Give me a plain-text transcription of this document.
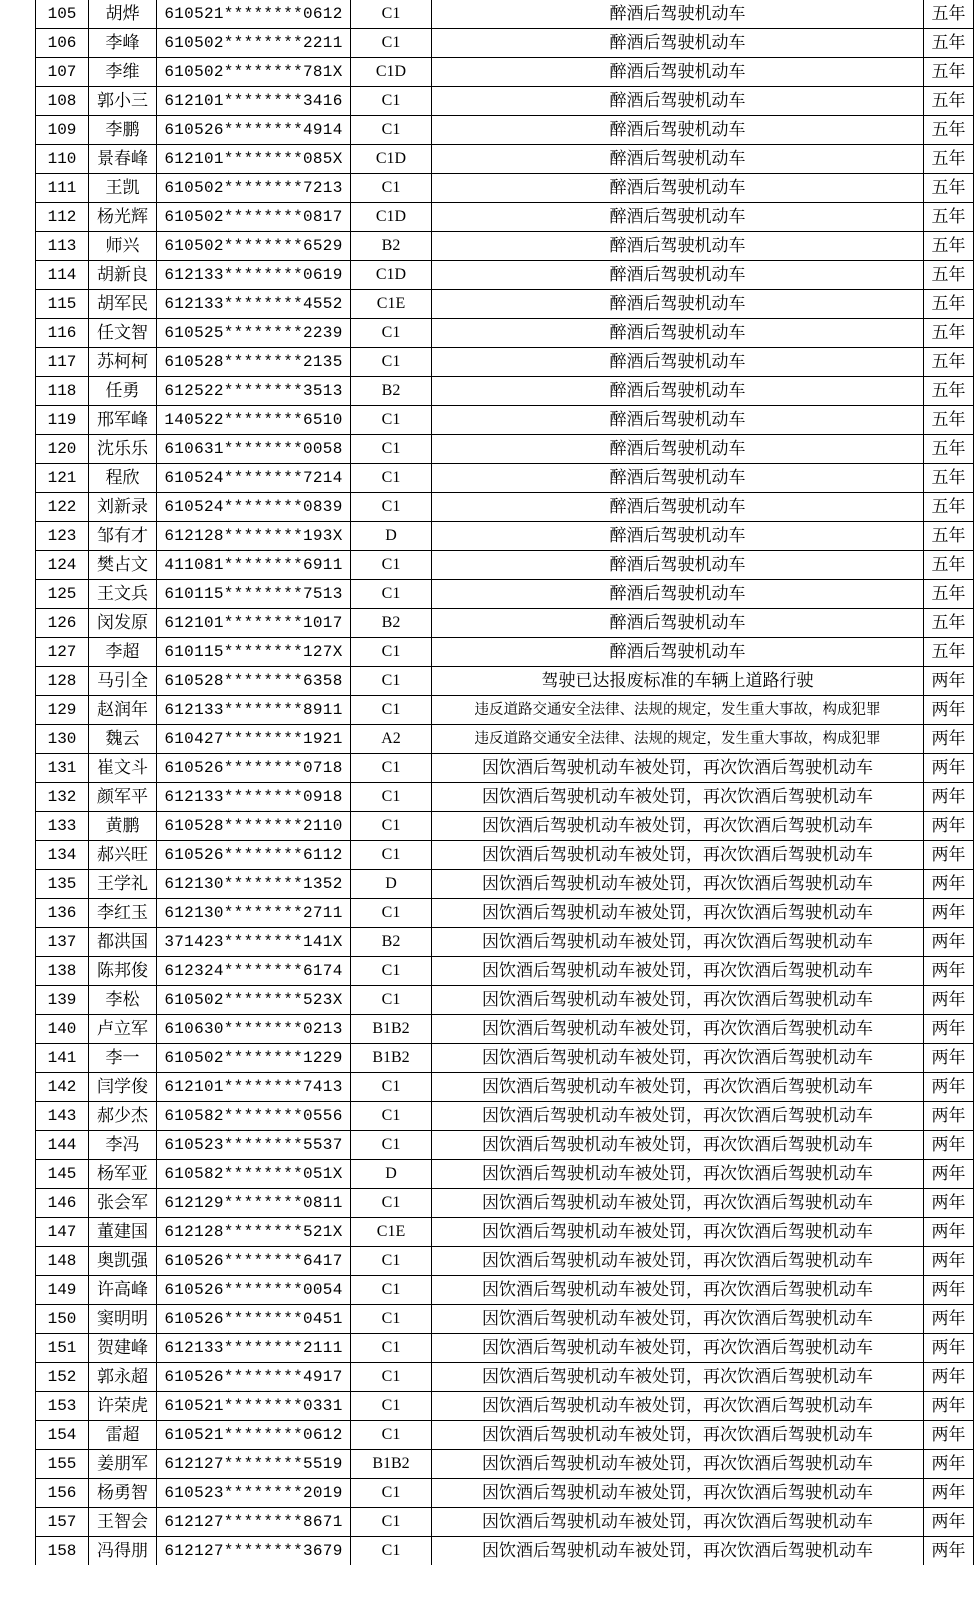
105	胡烨	610521********0612	C1	醉酒后驾驶机动车	五年
106	李峰	610502********2211	C1	醉酒后驾驶机动车	五年
107	李维	610502********781X	C1D	醉酒后驾驶机动车	五年
108	郭小三	612101********3416	C1	醉酒后驾驶机动车	五年
109	李鹏	610526********4914	C1	醉酒后驾驶机动车	五年
110	景春峰	612101********085X	C1D	醉酒后驾驶机动车	五年
111	王凯	610502********7213	C1	醉酒后驾驶机动车	五年
112	杨光辉	610502********0817	C1D	醉酒后驾驶机动车	五年
113	师兴	610502********6529	B2	醉酒后驾驶机动车	五年
114	胡新良	612133********0619	C1D	醉酒后驾驶机动车	五年
115	胡军民	612133********4552	C1E	醉酒后驾驶机动车	五年
116	任文智	610525********2239	C1	醉酒后驾驶机动车	五年
117	苏柯柯	610528********2135	C1	醉酒后驾驶机动车	五年
118	任勇	612522********3513	B2	醉酒后驾驶机动车	五年
119	邢军峰	140522********6510	C1	醉酒后驾驶机动车	五年
120	沈乐乐	610631********0058	C1	醉酒后驾驶机动车	五年
121	程欣	610524********7214	C1	醉酒后驾驶机动车	五年
122	刘新录	610524********0839	C1	醉酒后驾驶机动车	五年
123	邹有才	612128********193X	D	醉酒后驾驶机动车	五年
124	樊占文	411081********6911	C1	醉酒后驾驶机动车	五年
125	王文兵	610115********7513	C1	醉酒后驾驶机动车	五年
126	闵发原	612101********1017	B2	醉酒后驾驶机动车	五年
127	李超	610115********127X	C1	醉酒后驾驶机动车	五年
128	马引全	610528********6358	C1	驾驶已达报废标准的车辆上道路行驶	两年
129	赵润年	612133********8911	C1	违反道路交通安全法律、法规的规定，发生重大事故，构成犯罪	两年
130	魏云	610427********1921	A2	违反道路交通安全法律、法规的规定，发生重大事故，构成犯罪	两年
131	崔文斗	610526********0718	C1	因饮酒后驾驶机动车被处罚，再次饮酒后驾驶机动车	两年
132	颜军平	612133********0918	C1	因饮酒后驾驶机动车被处罚，再次饮酒后驾驶机动车	两年
133	黄鹏	610528********2110	C1	因饮酒后驾驶机动车被处罚，再次饮酒后驾驶机动车	两年
134	郝兴旺	610526********6112	C1	因饮酒后驾驶机动车被处罚，再次饮酒后驾驶机动车	两年
135	王学礼	612130********1352	D	因饮酒后驾驶机动车被处罚，再次饮酒后驾驶机动车	两年
136	李红玉	612130********2711	C1	因饮酒后驾驶机动车被处罚，再次饮酒后驾驶机动车	两年
137	都洪国	371423********141X	B2	因饮酒后驾驶机动车被处罚，再次饮酒后驾驶机动车	两年
138	陈邦俊	612324********6174	C1	因饮酒后驾驶机动车被处罚，再次饮酒后驾驶机动车	两年
139	李松	610502********523X	C1	因饮酒后驾驶机动车被处罚，再次饮酒后驾驶机动车	两年
140	卢立军	610630********0213	B1B2	因饮酒后驾驶机动车被处罚，再次饮酒后驾驶机动车	两年
141	李一	610502********1229	B1B2	因饮酒后驾驶机动车被处罚，再次饮酒后驾驶机动车	两年
142	闫学俊	612101********7413	C1	因饮酒后驾驶机动车被处罚，再次饮酒后驾驶机动车	两年
143	郝少杰	610582********0556	C1	因饮酒后驾驶机动车被处罚，再次饮酒后驾驶机动车	两年
144	李冯	610523********5537	C1	因饮酒后驾驶机动车被处罚，再次饮酒后驾驶机动车	两年
145	杨军亚	610582********051X	D	因饮酒后驾驶机动车被处罚，再次饮酒后驾驶机动车	两年
146	张会军	612129********0811	C1	因饮酒后驾驶机动车被处罚，再次饮酒后驾驶机动车	两年
147	董建国	612128********521X	C1E	因饮酒后驾驶机动车被处罚，再次饮酒后驾驶机动车	两年
148	奥凯强	610526********6417	C1	因饮酒后驾驶机动车被处罚，再次饮酒后驾驶机动车	两年
149	许高峰	610526********0054	C1	因饮酒后驾驶机动车被处罚，再次饮酒后驾驶机动车	两年
150	窦明明	610526********0451	C1	因饮酒后驾驶机动车被处罚，再次饮酒后驾驶机动车	两年
151	贺建峰	612133********2111	C1	因饮酒后驾驶机动车被处罚，再次饮酒后驾驶机动车	两年
152	郭永超	610526********4917	C1	因饮酒后驾驶机动车被处罚，再次饮酒后驾驶机动车	两年
153	许荣虎	610521********0331	C1	因饮酒后驾驶机动车被处罚，再次饮酒后驾驶机动车	两年
154	雷超	610521********0612	C1	因饮酒后驾驶机动车被处罚，再次饮酒后驾驶机动车	两年
155	姜朋军	612127********5519	B1B2	因饮酒后驾驶机动车被处罚，再次饮酒后驾驶机动车	两年
156	杨勇智	610523********2019	C1	因饮酒后驾驶机动车被处罚，再次饮酒后驾驶机动车	两年
157	王智会	612127********8671	C1	因饮酒后驾驶机动车被处罚，再次饮酒后驾驶机动车	两年
158	冯得朋	612127********3679	C1	因饮酒后驾驶机动车被处罚，再次饮酒后驾驶机动车	两年
